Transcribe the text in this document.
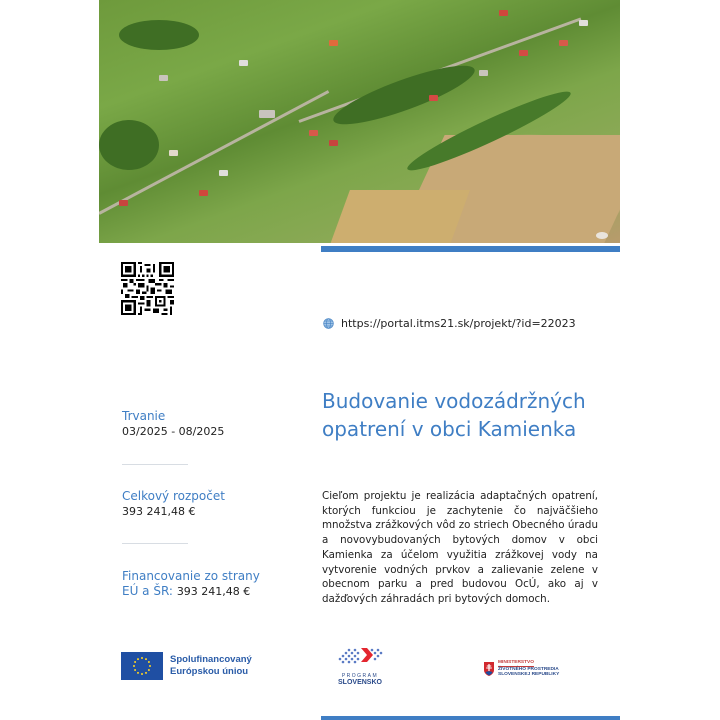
https://portal.itms21.sk/projekt/?id=22023
Trvanie
03/2025 - 08/2025
Celkový rozpočet
393 241,48 €
Financovanie zo strany
EÚ a ŠR: 393 241,48 €
Budovanie vodozádržných opatrení v obci Kamienka
Cieľom projektu je realizácia adaptačných opatrení, ktorých funkciou je zachytenie čo najväčšieho množstva zrážkových vôd zo striech Obecného úradu a novovybudovaných bytových domov v obci Kamienka za účelom využitia zrážkovej vody na vytvorenie vodných prvkov a zalievanie zelene v obecnom parku a pred budovou OcÚ, ako aj v dažďových záhradách pri bytových domoch.
Spolufinancovaný
Európskou úniou	PROGRAM
SLOVENSKO
MINISTERSTVO
ŽIVOTNÉHO PROSTREDIA
SLOVENSKEJ REPUBLIKY
